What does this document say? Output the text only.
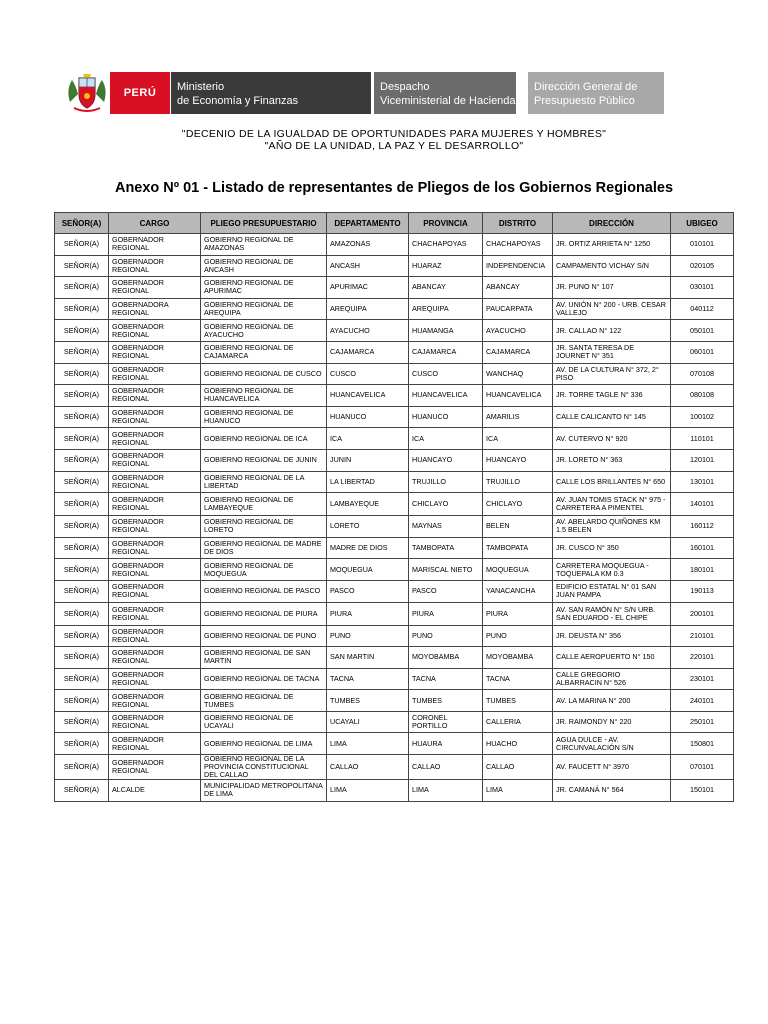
PERÚ	Ministerio
de Economía y Finanzas
Despacho
Viceministerial de Hacienda
Dirección General de
Presupuesto Público
"DECENIO DE LA IGUALDAD DE OPORTUNIDADES PARA MUJERES Y HOMBRES"
"AÑO DE LA UNIDAD, LA PAZ Y EL DESARROLLO"
Anexo Nº 01 - Listado de representantes de Pliegos de los Gobiernos Regionales
SEÑOR(A)	CARGO	PLIEGO PRESUPUESTARIO	DEPARTAMENTO	PROVINCIA	DISTRITO	DIRECCIÓN	UBIGEO
SEÑOR(A)	GOBERNADOR REGIONAL	GOBIERNO REGIONAL DE AMAZONAS	AMAZONAS	CHACHAPOYAS	CHACHAPOYAS	JR. ORTIZ ARRIETA N° 1250	010101
SEÑOR(A)	GOBERNADOR REGIONAL	GOBIERNO REGIONAL DE ANCASH	ANCASH	HUARAZ	INDEPENDENCIA	CAMPAMENTO VICHAY S/N	020105
SEÑOR(A)	GOBERNADOR REGIONAL	GOBIERNO REGIONAL DE APURIMAC	APURIMAC	ABANCAY	ABANCAY	JR. PUNO N° 107	030101
SEÑOR(A)	GOBERNADORA REGIONAL	GOBIERNO REGIONAL DE AREQUIPA	AREQUIPA	AREQUIPA	PAUCARPATA	AV. UNIÓN N° 200 - URB. CESAR VALLEJO	040112
SEÑOR(A)	GOBERNADOR REGIONAL	GOBIERNO REGIONAL DE AYACUCHO	AYACUCHO	HUAMANGA	AYACUCHO	JR. CALLAO N° 122	050101
SEÑOR(A)	GOBERNADOR REGIONAL	GOBIERNO REGIONAL DE CAJAMARCA	CAJAMARCA	CAJAMARCA	CAJAMARCA	JR. SANTA TERESA DE JOURNET N° 351	060101
SEÑOR(A)	GOBERNADOR REGIONAL	GOBIERNO REGIONAL DE CUSCO	CUSCO	CUSCO	WANCHAQ	AV. DE LA CULTURA N° 372, 2° PISO	070108
SEÑOR(A)	GOBERNADOR REGIONAL	GOBIERNO REGIONAL DE HUANCAVELICA	HUANCAVELICA	HUANCAVELICA	HUANCAVELICA	JR. TORRE TAGLE N° 336	080108
SEÑOR(A)	GOBERNADOR REGIONAL	GOBIERNO REGIONAL DE HUANUCO	HUANUCO	HUANUCO	AMARILIS	CALLE CALICANTO N° 145	100102
SEÑOR(A)	GOBERNADOR REGIONAL	GOBIERNO REGIONAL DE ICA	ICA	ICA	ICA	AV. CUTERVO N° 920	110101
SEÑOR(A)	GOBERNADOR REGIONAL	GOBIERNO REGIONAL DE JUNIN	JUNIN	HUANCAYO	HUANCAYO	JR. LORETO N° 363	120101
SEÑOR(A)	GOBERNADOR REGIONAL	GOBIERNO REGIONAL DE LA LIBERTAD	LA LIBERTAD	TRUJILLO	TRUJILLO	CALLE LOS BRILLANTES N° 650	130101
SEÑOR(A)	GOBERNADOR REGIONAL	GOBIERNO REGIONAL DE LAMBAYEQUE	LAMBAYEQUE	CHICLAYO	CHICLAYO	AV. JUAN TOMIS STACK N° 975 - CARRETERA A PIMENTEL	140101
SEÑOR(A)	GOBERNADOR REGIONAL	GOBIERNO REGIONAL DE LORETO	LORETO	MAYNAS	BELEN	AV. ABELARDO QUIÑONES KM 1.5 BELEN	160112
SEÑOR(A)	GOBERNADOR REGIONAL	GOBIERNO REGIONAL DE MADRE DE DIOS	MADRE DE DIOS	TAMBOPATA	TAMBOPATA	JR. CUSCO N° 350	160101
SEÑOR(A)	GOBERNADOR REGIONAL	GOBIERNO REGIONAL DE MOQUEGUA	MOQUEGUA	MARISCAL NIETO	MOQUEGUA	CARRETERA MOQUEGUA - TOQUEPALA KM 0.3	180101
SEÑOR(A)	GOBERNADOR REGIONAL	GOBIERNO REGIONAL DE PASCO	PASCO	PASCO	YANACANCHA	EDIFICIO ESTATAL N° 01 SAN JUAN PAMPA	190113
SEÑOR(A)	GOBERNADOR REGIONAL	GOBIERNO REGIONAL DE PIURA	PIURA	PIURA	PIURA	AV. SAN RAMÓN N° S/N URB. SAN EDUARDO - EL CHIPE	200101
SEÑOR(A)	GOBERNADOR REGIONAL	GOBIERNO REGIONAL DE PUNO	PUNO	PUNO	PUNO	JR. DEUSTA N° 356	210101
SEÑOR(A)	GOBERNADOR REGIONAL	GOBIERNO REGIONAL DE SAN MARTIN	SAN MARTIN	MOYOBAMBA	MOYOBAMBA	CALLE AEROPUERTO N° 150	220101
SEÑOR(A)	GOBERNADOR REGIONAL	GOBIERNO REGIONAL DE TACNA	TACNA	TACNA	TACNA	CALLE GREGORIO ALBARRACIN N° 526	230101
SEÑOR(A)	GOBERNADOR REGIONAL	GOBIERNO REGIONAL DE TUMBES	TUMBES	TUMBES	TUMBES	AV. LA MARINA N° 200	240101
SEÑOR(A)	GOBERNADOR REGIONAL	GOBIERNO REGIONAL DE UCAYALI	UCAYALI	CORONEL PORTILLO	CALLERIA	JR. RAIMONDY N° 220	250101
SEÑOR(A)	GOBERNADOR REGIONAL	GOBIERNO REGIONAL DE LIMA	LIMA	HUAURA	HUACHO	AGUA DULCE - AV. CIRCUNVALACIÓN S/N	150801
SEÑOR(A)	GOBERNADOR REGIONAL	GOBIERNO REGIONAL DE LA PROVINCIA CONSTITUCIONAL DEL CALLAO	CALLAO	CALLAO	CALLAO	AV. FAUCETT N° 3970	070101
SEÑOR(A)	ALCALDE	MUNICIPALIDAD METROPOLITANA DE LIMA	LIMA	LIMA	LIMA	JR. CAMANÁ N° 564	150101
